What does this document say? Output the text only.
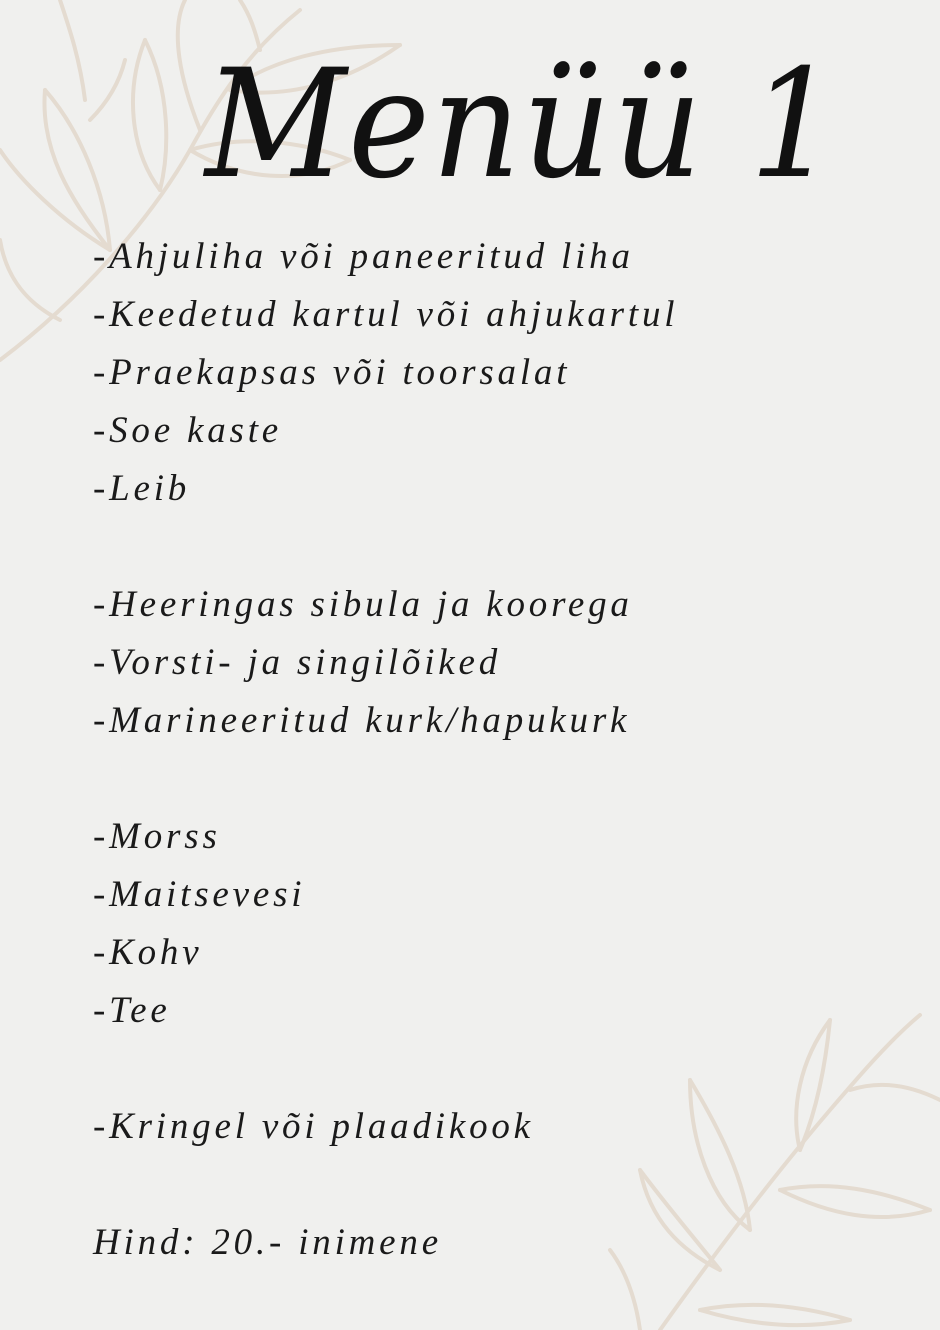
Menüü 1
-Ahjuliha või paneeritud liha
-Keedetud kartul või ahjukartul
-Praekapsas või toorsalat
-Soe kaste
-Leib
-Heeringas sibula ja koorega
-Vorsti- ja singilõiked
-Marineeritud kurk/hapukurk
-Morss
-Maitsevesi
-Kohv
-Tee
-Kringel või plaadikook
Hind: 20.- inimene
